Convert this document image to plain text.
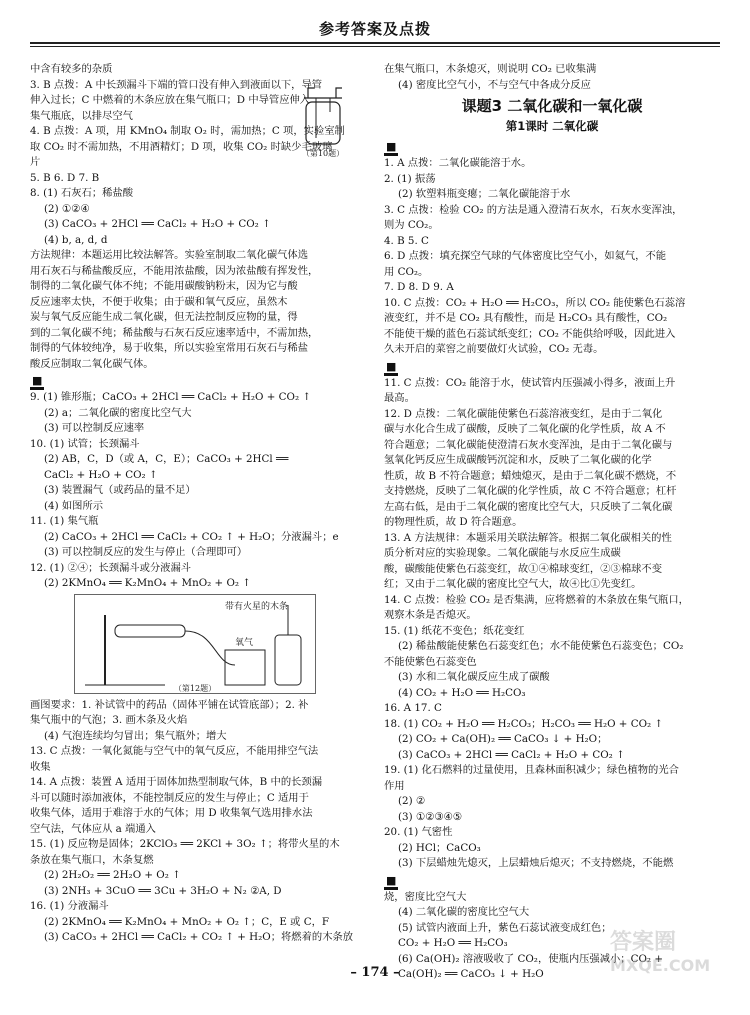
参考答案及点拨
中含有较多的杂质
3. B 点拨：A 中长颈漏斗下端的管口没有伸入到液面以下，导管
伸入过长；C 中燃着的木条应放在集气瓶口；D 中导管应伸入
集气瓶底，以排尽空气
4. B 点拨：A 项，用 KMnO₄ 制取 O₂ 时，需加热；C 项，实验室制
取 CO₂ 时不需加热，不用酒精灯；D 项，收集 CO₂ 时缺少毛玻璃
片
5. B 6. D 7. B
8. (1) 石灰石；稀盐酸
(2) ①②④
(3) CaCO₃ + 2HCl ══ CaCl₂ + H₂O + CO₂ ↑
(4) b, a, d, d
方法规律：本题运用比较法解答。实验室制取二氧化碳气体选
用石灰石与稀盐酸反应，不能用浓盐酸，因为浓盐酸有挥发性，
制得的二氧化碳气体不纯；不能用碳酸钠粉末，因为它与酸
反应速率太快，不便于收集；由于碳和氧气反应，虽然木
炭与氧气反应能生成二氧化碳，但无法控制反应物的量，得
到的二氧化碳不纯；稀盐酸与石灰石反应速率适中，不需加热，
制得的气体较纯净，易于收集，所以实验室常用石灰石与稀盐
酸反应制取二氧化碳气体。
■
9. (1) 锥形瓶；CaCO₃ + 2HCl ══ CaCl₂ + H₂O + CO₂ ↑
(2) a；二氧化碳的密度比空气大
(3) 可以控制反应速率
10. (1) 试管；长颈漏斗
(2) AB，C，D（或 A，C，E）；CaCO₃ + 2HCl ══
CaCl₂ + H₂O + CO₂ ↑
(3) 装置漏气（或药品的量不足）
(4) 如图所示
11. (1) 集气瓶
(2) CaCO₃ + 2HCl ══ CaCl₂ + CO₂ ↑ + H₂O；分液漏斗；e
(3) 可以控制反应的发生与停止（合理即可）
12. (1) ②④；长颈漏斗或分液漏斗
(2) 2KMnO₄ ══ K₂MnO₄ + MnO₂ + O₂ ↑
带有火星的木条
氧气
（第12题）
画图要求：1. 补试管中的药品（固体平铺在试管底部）；2. 补
集气瓶中的气泡；3. 画木条及火焰
(4) 气泡连续均匀冒出；集气瓶外；增大
13. C 点拨：一氧化氮能与空气中的氧气反应，不能用排空气法
收集
14. A 点拨：装置 A 适用于固体加热型制取气体，B 中的长颈漏
斗可以随时添加液体，不能控制反应的发生与停止；C 适用于
收集气体，适用于难溶于水的气体；用 D 收集氧气选用排水法
空气法，气体应从 a 端通入
15. (1) 反应物是固体；2KClO₃ ══ 2KCl + 3O₂ ↑；将带火星的木
条放在集气瓶口，木条复燃
(2) 2H₂O₂ ══ 2H₂O + O₂ ↑
(3) 2NH₃ + 3CuO ══ 3Cu + 3H₂O + N₂ ②A, D
16. (1) 分液漏斗
(2) 2KMnO₄ ══ K₂MnO₄ + MnO₂ + O₂ ↑；C，E 或 C，F
(3) CaCO₃ + 2HCl ══ CaCl₂ + CO₂ ↑ + H₂O；将燃着的木条放
（第10题）
在集气瓶口，木条熄灭，则说明 CO₂ 已收集满
(4) 密度比空气小，不与空气中各成分反应
课题3 二氧化碳和一氧化碳
第1课时 二氧化碳
■
1. A 点拨：二氧化碳能溶于水。
2. (1) 振荡
(2) 软塑料瓶变瘪；二氧化碳能溶于水
3. C 点拨：检验 CO₂ 的方法是通入澄清石灰水，石灰水变浑浊，
则为 CO₂。
4. B 5. C
6. D 点拨：填充探空气球的气体密度比空气小，如氦气，不能
用 CO₂。
7. D 8. D 9. A
10. C 点拨：CO₂ + H₂O ══ H₂CO₃，所以 CO₂ 能使紫色石蕊溶
液变红，并不是 CO₂ 具有酸性，而是 H₂CO₃ 具有酸性，CO₂
不能使干燥的蓝色石蕊试纸变红；CO₂ 不能供给呼吸，因此进入
久未开启的菜窖之前要做灯火试验，CO₂ 无毒。
■
11. C 点拨：CO₂ 能溶于水，使试管内压强减小得多，液面上升
最高。
12. D 点拨：二氧化碳能使紫色石蕊溶液变红，是由于二氧化
碳与水化合生成了碳酸，反映了二氧化碳的化学性质，故 A 不
符合题意；二氧化碳能使澄清石灰水变浑浊，是由于二氧化碳与
氢氧化钙反应生成碳酸钙沉淀和水，反映了二氧化碳的化学
性质，故 B 不符合题意；蜡烛熄灭，是由于二氧化碳不燃烧，不
支持燃烧，反映了二氧化碳的化学性质，故 C 不符合题意；杠杆
左高右低，是由于二氧化碳的密度比空气大，只反映了二氧化碳
的物理性质，故 D 符合题意。
13. A 方法规律：本题采用关联法解答。根据二氧化碳相关的性
质分析对应的实验现象。二氧化碳能与水反应生成碳
酸，碳酸能使紫色石蕊变红，故①④棉球变红，②③棉球不变
红；又由于二氧化碳的密度比空气大，故④比①先变红。
14. C 点拨：检验 CO₂ 是否集满，应将燃着的木条放在集气瓶口，
观察木条是否熄灭。
15. (1) 纸花不变色；纸花变红
(2) 稀盐酸能使紫色石蕊变红色；水不能使紫色石蕊变色；CO₂
不能使紫色石蕊变色
(3) 水和二氧化碳反应生成了碳酸
(4) CO₂ + H₂O ══ H₂CO₃
16. A 17. C
18. (1) CO₂ + H₂O ══ H₂CO₃；H₂CO₃ ══ H₂O + CO₂ ↑
(2) CO₂ + Ca(OH)₂ ══ CaCO₃ ↓ + H₂O；
(3) CaCO₃ + 2HCl ══ CaCl₂ + H₂O + CO₂ ↑
19. (1) 化石燃料的过量使用，且森林面积减少；绿色植物的光合
作用
(2) ②
(3) ①②③④⑤
20. (1) 气密性
(2) HCl；CaCO₃
(3) 下层蜡烛先熄灭，上层蜡烛后熄灭；不支持燃烧，不能燃
■
烧，密度比空气大
(4) 二氧化碳的密度比空气大
(5) 试管内液面上升，紫色石蕊试液变成红色；
CO₂ + H₂O ══ H₂CO₃
(6) Ca(OH)₂ 溶液吸收了 CO₂，使瓶内压强减小；CO₂ +
Ca(OH)₂ ══ CaCO₃ ↓ + H₂O
– 174 –
答案圈
MXQE.COM
